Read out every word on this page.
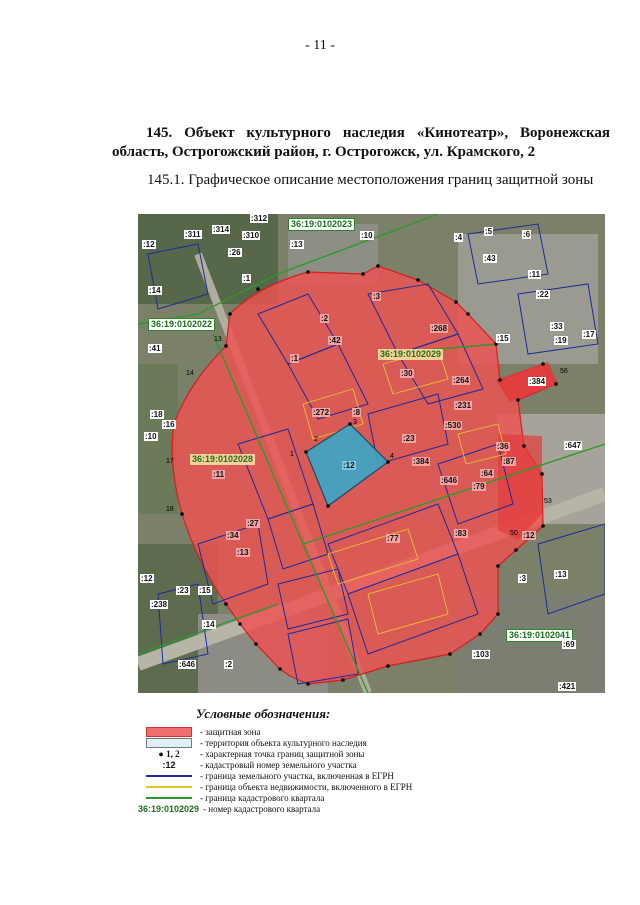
- 11 -
145. Объект культурного наследия «Кинотеатр», Воронежская область, Острогожский район, г. Острогожск, ул. Крамского, 2
145.1. Графическое описание местоположения границ защитной зоны
36:19:0102023
36:19:0102022
36:19:0102029
36:19:0102028
36:19:0102041
:12
:312
:311
:314
:310	:10
:12
:4
:5	:6
:13
:26
:1
:43
:11
:22
:14
:41
:2
:42
:1
:3
:268
:15
:33
:17
:19
:30
:264	:384
:18
:16
:10
:272	:8
:231
:530
:23
:384
:647
:12
:11
:646
:64
:87
:79
:36
:27
:34
:13
:77
:83
:12
:15
:23
:238
:14
:646	:2
:3	:13
:69
:103
:421
1
2
3
4
13
14
17
18
50
53
56
Условные обозначения:
- защитная зона
- территория объекта культурного наследия
● 1, 2 - характерная точка границ защитной зоны
:12	- кадастровый номер земельного участка
- граница земельного участка, включенная в ЕГРН
- граница объекта недвижимости, включенного в ЕГРН
- граница кадастрового квартала
36:19:0102029 - номер кадастрового квартала
